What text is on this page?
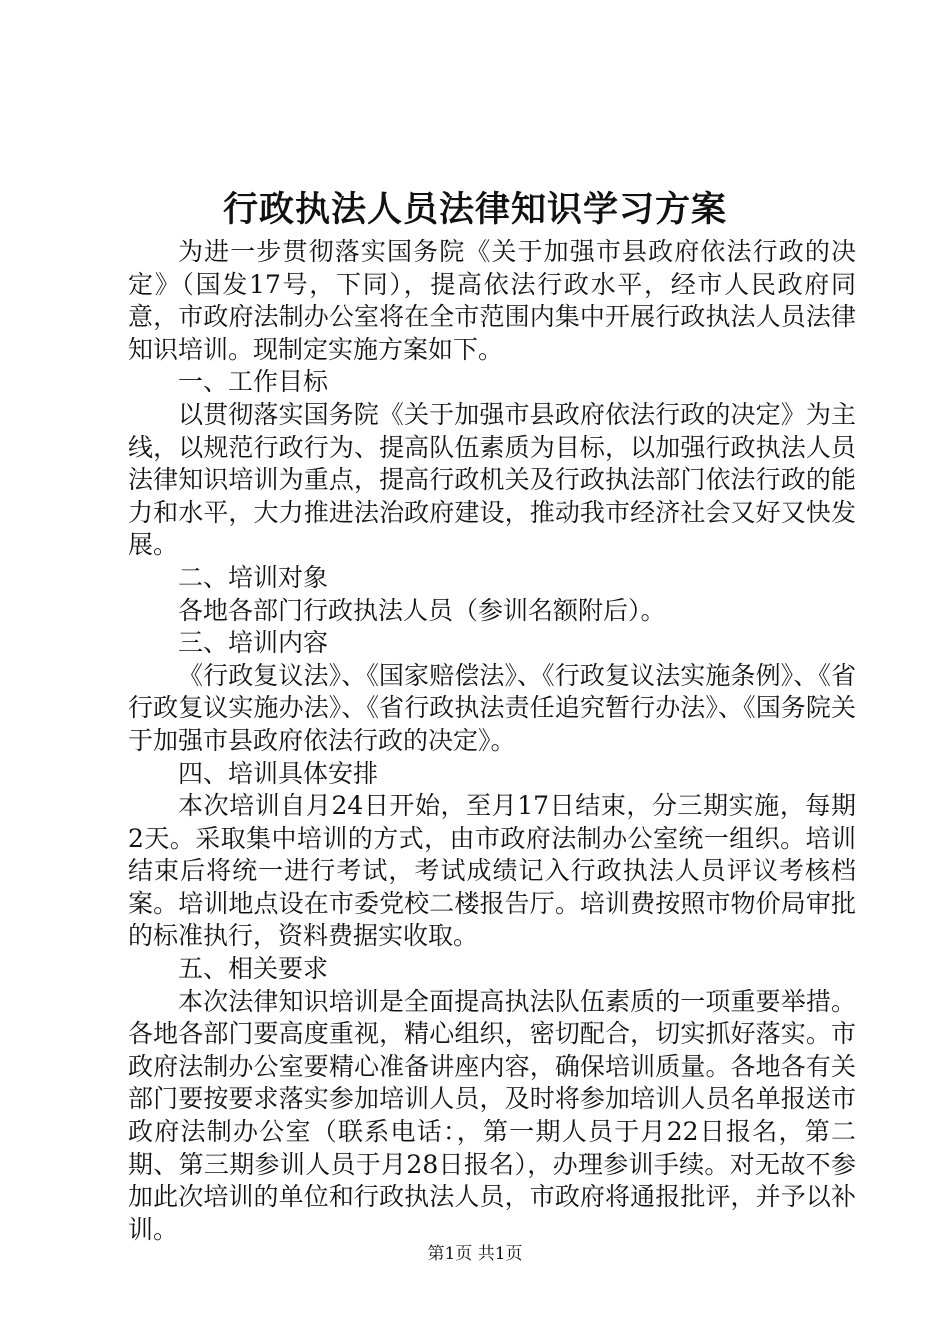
行政执法人员法律知识学习方案

为进一步贯彻落实国务院《关于加强市县政府依法行政的决定》（国发17号，下同），提高依法行政水平，经市人民政府同意，市政府法制办公室将在全市范围内集中开展行政执法人员法律知识培训。现制定实施方案如下。

一、工作目标

以贯彻落实国务院《关于加强市县政府依法行政的决定》为主线，以规范行政行为、提高队伍素质为目标，以加强行政执法人员法律知识培训为重点，提高行政机关及行政执法部门依法行政的能力和水平，大力推进法治政府建设，推动我市经济社会又好又快发展。

二、培训对象

各地各部门行政执法人员（参训名额附后）。

三、培训内容

《行政复议法》、《国家赔偿法》、《行政复议法实施条例》、《省行政复议实施办法》、《省行政执法责任追究暂行办法》、《国务院关于加强市县政府依法行政的决定》。

四、培训具体安排

本次培训自月24日开始，至月17日结束，分三期实施，每期2天。采取集中培训的方式，由市政府法制办公室统一组织。培训结束后将统一进行考试，考试成绩记入行政执法人员评议考核档案。培训地点设在市委党校二楼报告厅。培训费按照市物价局审批的标准执行，资料费据实收取。

五、相关要求

本次法律知识培训是全面提高执法队伍素质的一项重要举措。各地各部门要高度重视，精心组织，密切配合，切实抓好落实。市政府法制办公室要精心准备讲座内容，确保培训质量。各地各有关部门要按要求落实参加培训人员，及时将参加培训人员名单报送市政府法制办公室（联系电话：，第一期人员于月22日报名，第二期、第三期参训人员于月28日报名），办理参训手续。对无故不参加此次培训的单位和行政执法人员，市政府将通报批评，并予以补训。

第1页 共1页
